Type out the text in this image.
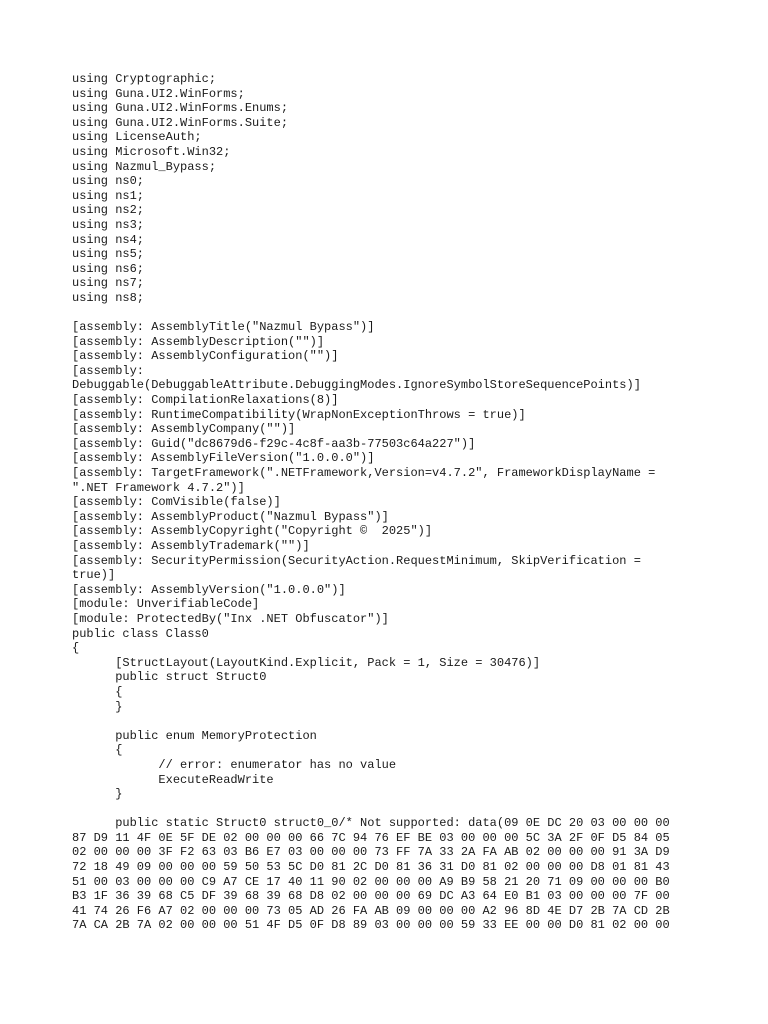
using Cryptographic;
using Guna.UI2.WinForms;
using Guna.UI2.WinForms.Enums;
using Guna.UI2.WinForms.Suite;
using LicenseAuth;
using Microsoft.Win32;
using Nazmul_Bypass;
using ns0;
using ns1;
using ns2;
using ns3;
using ns4;
using ns5;
using ns6;
using ns7;
using ns8;
[assembly: AssemblyTitle("Nazmul Bypass")]
[assembly: AssemblyDescription("")]
[assembly: AssemblyConfiguration("")]
[assembly:
Debuggable(DebuggableAttribute.DebuggingModes.IgnoreSymbolStoreSequencePoints)]
[assembly: CompilationRelaxations(8)]
[assembly: RuntimeCompatibility(WrapNonExceptionThrows = true)]
[assembly: AssemblyCompany("")]
[assembly: Guid("dc8679d6-f29c-4c8f-aa3b-77503c64a227")]
[assembly: AssemblyFileVersion("1.0.0.0")]
[assembly: TargetFramework(".NETFramework,Version=v4.7.2", FrameworkDisplayName =
".NET Framework 4.7.2")]
[assembly: ComVisible(false)]
[assembly: AssemblyProduct("Nazmul Bypass")]
[assembly: AssemblyCopyright("Copyright ©  2025")]
[assembly: AssemblyTrademark("")]
[assembly: SecurityPermission(SecurityAction.RequestMinimum, SkipVerification =
true)]
[assembly: AssemblyVersion("1.0.0.0")]
[module: UnverifiableCode]
[module: ProtectedBy("Inx .NET Obfuscator")]
public class Class0
{
[StructLayout(LayoutKind.Explicit, Pack = 1, Size = 30476)]
public struct Struct0
{
}
public enum MemoryProtection
{
// error: enumerator has no value
ExecuteReadWrite
}
public static Struct0 struct0_0/* Not supported: data(09 0E DC 20 03 00 00 00
87 D9 11 4F 0E 5F DE 02 00 00 00 66 7C 94 76 EF BE 03 00 00 00 5C 3A 2F 0F D5 84 05
02 00 00 00 3F F2 63 03 B6 E7 03 00 00 00 73 FF 7A 33 2A FA AB 02 00 00 00 91 3A D9
72 18 49 09 00 00 00 59 50 53 5C D0 81 2C D0 81 36 31 D0 81 02 00 00 00 D8 01 81 43
51 00 03 00 00 00 C9 A7 CE 17 40 11 90 02 00 00 00 A9 B9 58 21 20 71 09 00 00 00 B0
B3 1F 36 39 68 C5 DF 39 68 39 68 D8 02 00 00 00 69 DC A3 64 E0 B1 03 00 00 00 7F 00
41 74 26 F6 A7 02 00 00 00 73 05 AD 26 FA AB 09 00 00 00 A2 96 8D 4E D7 2B 7A CD 2B
7A CA 2B 7A 02 00 00 00 51 4F D5 0F D8 89 03 00 00 00 59 33 EE 00 00 D0 81 02 00 00
